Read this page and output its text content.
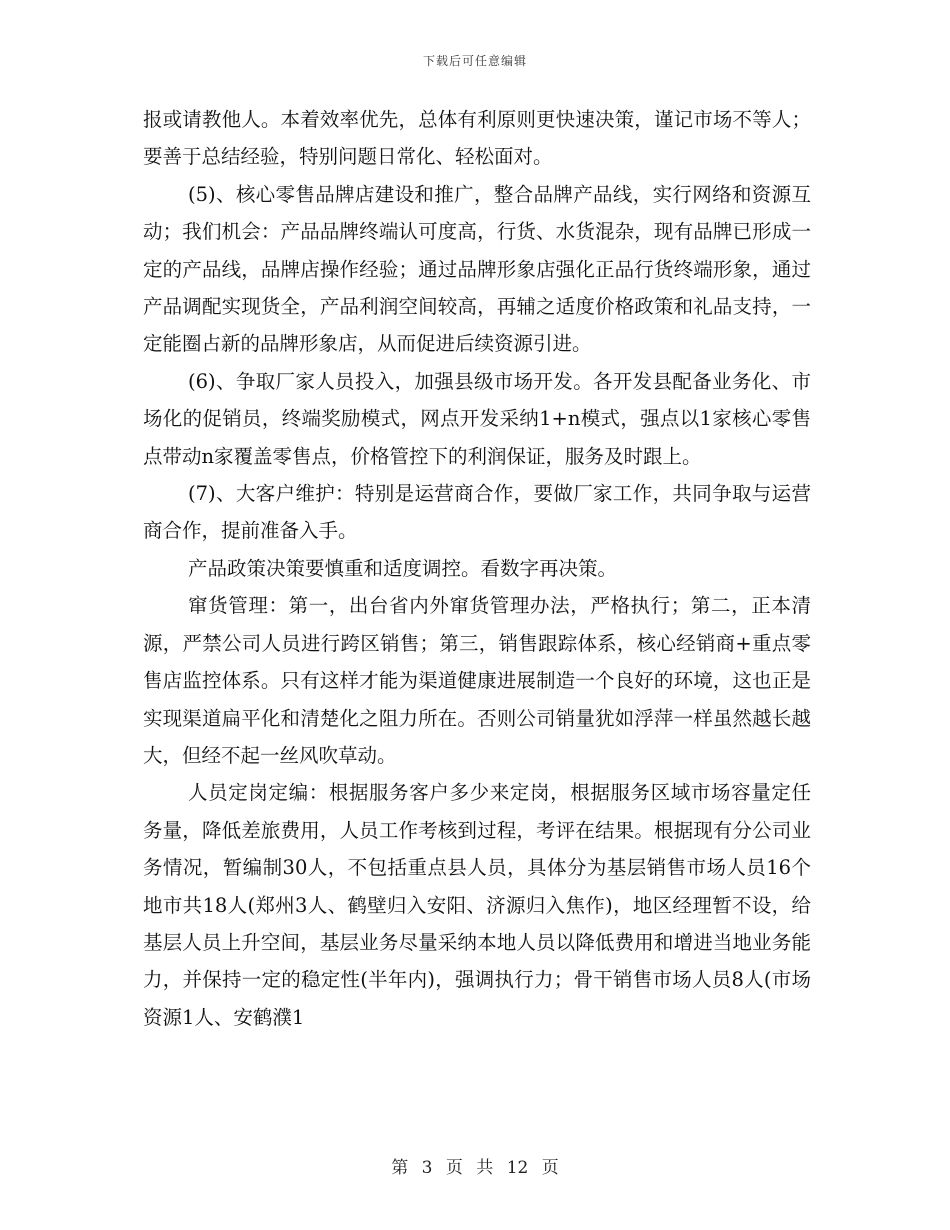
下载后可任意编辑

报或请教他人。本着效率优先，总体有利原则更快速决策，谨记市场不等人；要善于总结经验，特别问题日常化、轻松面对。

(5)、核心零售品牌店建设和推广，整合品牌产品线，实行网络和资源互动；我们机会：产品品牌终端认可度高，行货、水货混杂，现有品牌已形成一定的产品线，品牌店操作经验；通过品牌形象店强化正品行货终端形象，通过产品调配实现货全，产品利润空间较高，再辅之适度价格政策和礼品支持，一定能圈占新的品牌形象店，从而促进后续资源引进。

(6)、争取厂家人员投入，加强县级市场开发。各开发县配备业务化、市场化的促销员，终端奖励模式，网点开发采纳1+n模式，强点以1家核心零售点带动n家覆盖零售点，价格管控下的利润保证，服务及时跟上。

(7)、大客户维护：特别是运营商合作，要做厂家工作，共同争取与运营商合作，提前准备入手。

产品政策决策要慎重和适度调控。看数字再决策。

窜货管理：第一，出台省内外窜货管理办法，严格执行；第二，正本清源，严禁公司人员进行跨区销售；第三，销售跟踪体系，核心经销商+重点零售店监控体系。只有这样才能为渠道健康进展制造一个良好的环境，这也正是实现渠道扁平化和清楚化之阻力所在。否则公司销量犹如浮萍一样虽然越长越大，但经不起一丝风吹草动。

人员定岗定编：根据服务客户多少来定岗，根据服务区域市场容量定任务量，降低差旅费用，人员工作考核到过程，考评在结果。根据现有分公司业务情况，暂编制30人，不包括重点县人员，具体分为基层销售市场人员16个地市共18人(郑州3人、鹤壁归入安阳、济源归入焦作)，地区经理暂不设，给基层人员上升空间，基层业务尽量采纳本地人员以降低费用和增进当地业务能力，并保持一定的稳定性(半年内)，强调执行力；骨干销售市场人员8人(市场资源1人、安鹤濮1

第 3 页 共 12 页
